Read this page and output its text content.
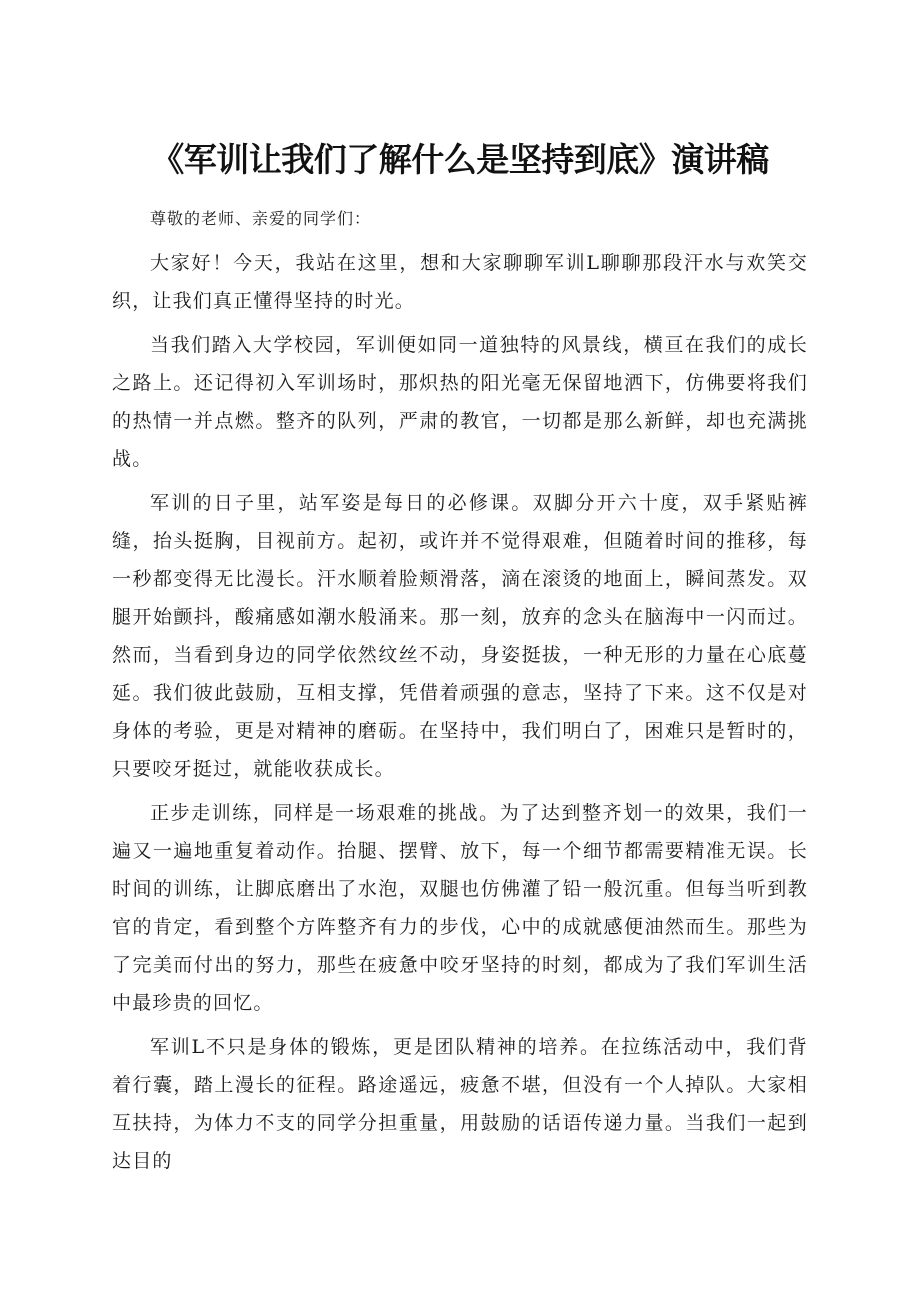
《军训让我们了解什么是坚持到底》演讲稿

尊敬的老师、亲爱的同学们：

大家好！今天，我站在这里，想和大家聊聊军训L聊聊那段汗水与欢笑交织，让我们真正懂得坚持的时光。

当我们踏入大学校园，军训便如同一道独特的风景线，横亘在我们的成长之路上。还记得初入军训场时，那炽热的阳光毫无保留地洒下，仿佛要将我们的热情一并点燃。整齐的队列，严肃的教官，一切都是那么新鲜，却也充满挑战。

军训的日子里，站军姿是每日的必修课。双脚分开六十度，双手紧贴裤缝，抬头挺胸，目视前方。起初，或许并不觉得艰难，但随着时间的推移，每一秒都变得无比漫长。汗水顺着脸颊滑落，滴在滚烫的地面上，瞬间蒸发。双腿开始颤抖，酸痛感如潮水般涌来。那一刻，放弃的念头在脑海中一闪而过。然而，当看到身边的同学依然纹丝不动，身姿挺拔，一种无形的力量在心底蔓延。我们彼此鼓励，互相支撑，凭借着顽强的意志，坚持了下来。这不仅是对身体的考验，更是对精神的磨砺。在坚持中，我们明白了，困难只是暂时的，只要咬牙挺过，就能收获成长。

正步走训练，同样是一场艰难的挑战。为了达到整齐划一的效果，我们一遍又一遍地重复着动作。抬腿、摆臂、放下，每一个细节都需要精准无误。长时间的训练，让脚底磨出了水泡，双腿也仿佛灌了铅一般沉重。但每当听到教官的肯定，看到整个方阵整齐有力的步伐，心中的成就感便油然而生。那些为了完美而付出的努力，那些在疲惫中咬牙坚持的时刻，都成为了我们军训生活中最珍贵的回忆。

军训L不只是身体的锻炼，更是团队精神的培养。在拉练活动中，我们背着行囊，踏上漫长的征程。路途遥远，疲惫不堪，但没有一个人掉队。大家相互扶持，为体力不支的同学分担重量，用鼓励的话语传递力量。当我们一起到达目的
